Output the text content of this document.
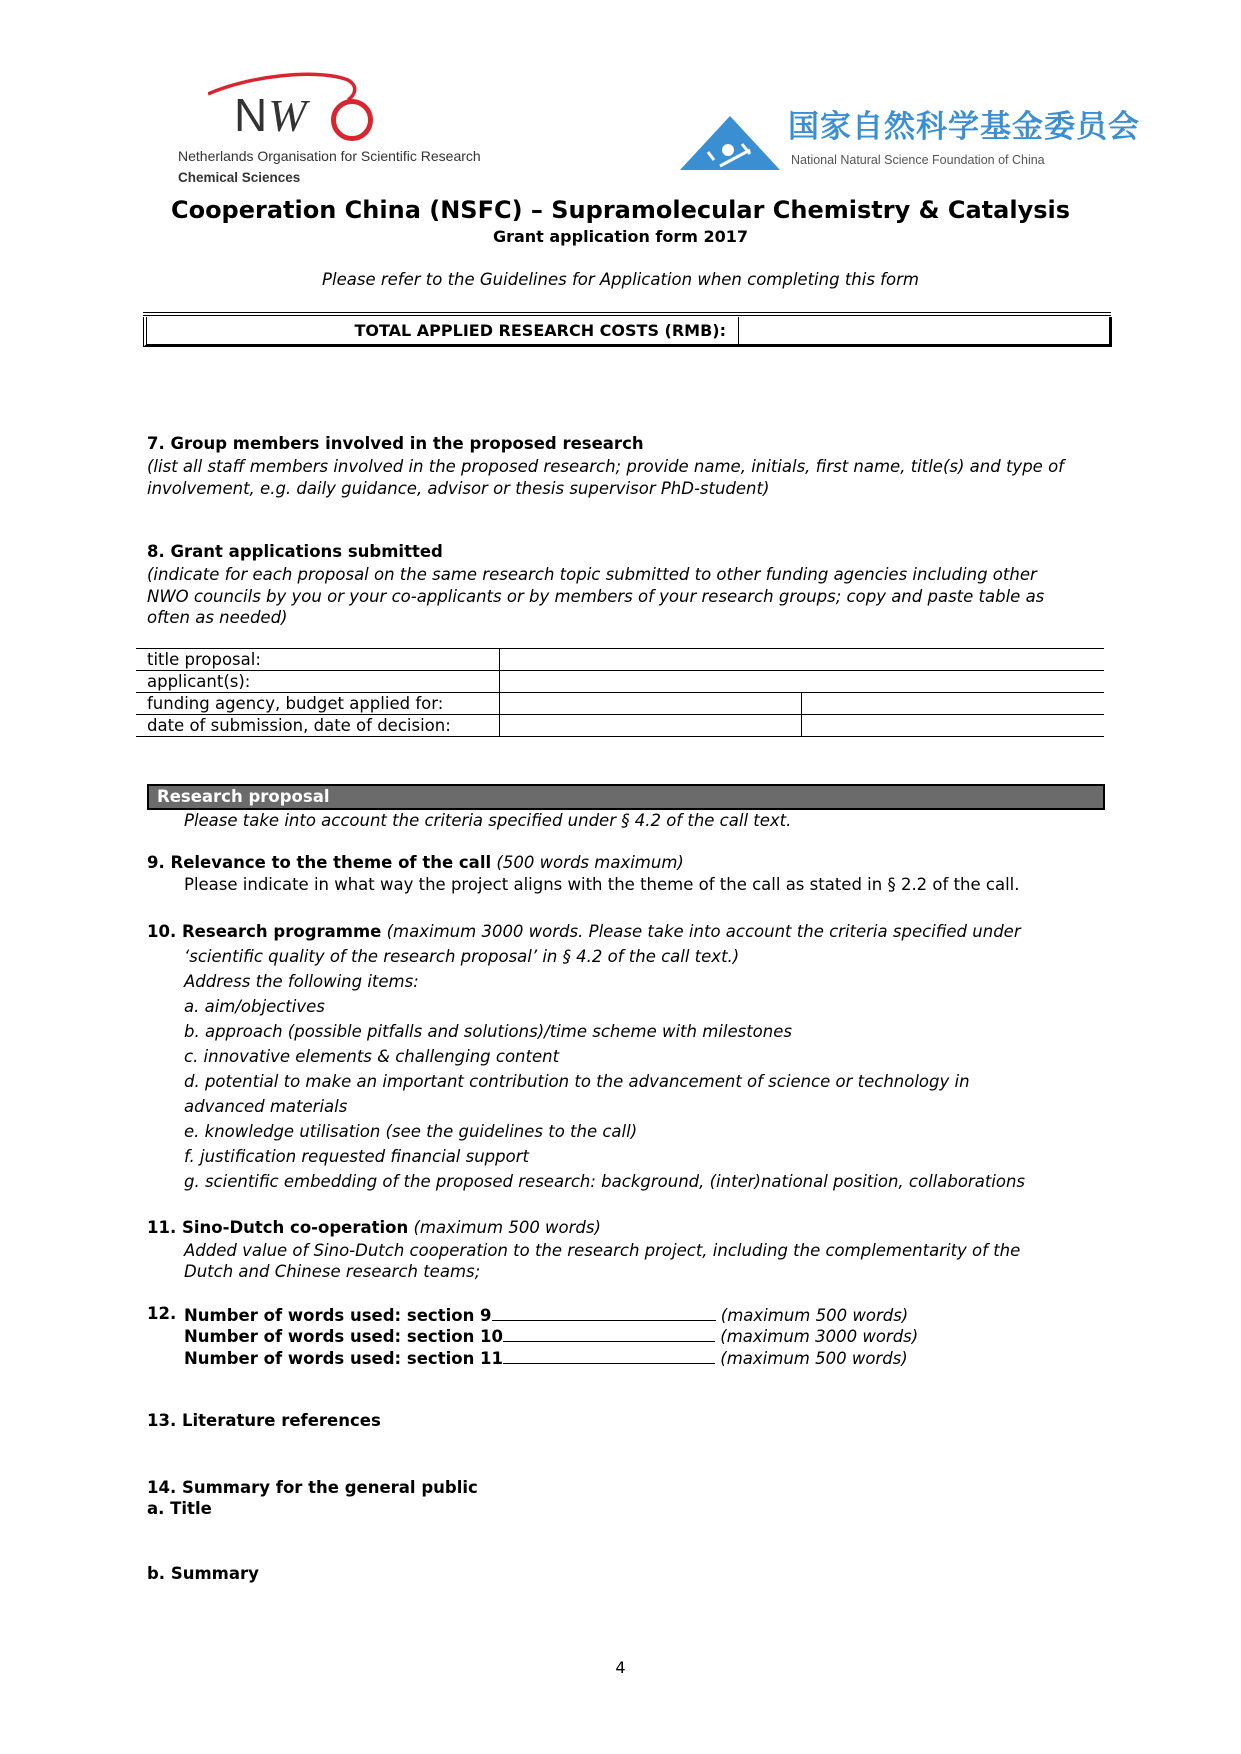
NW
Netherlands Organisation for Scientific Research
Chemical Sciences
国家自然科学基金委员会
National Natural Science Foundation of China
Cooperation China (NSFC) – Supramolecular Chemistry & Catalysis
Grant application form 2017
Please refer to the Guidelines for Application when completing this form
TOTAL APPLIED RESEARCH COSTS (RMB):
7. Group members involved in the proposed research
(list all staff members involved in the proposed research; provide name, initials, first name, title(s) and type of involvement, e.g. daily guidance, advisor or thesis supervisor PhD-student)
8. Grant applications submitted
(indicate for each proposal on the same research topic submitted to other funding agencies including other NWO councils by you or your co-applicants or by members of your research groups; copy and paste table as often as needed)
title proposal:		
applicant(s):		
funding agency, budget applied for:		
date of submission, date of decision:		
Research proposal
Please take into account the criteria specified under § 4.2 of the call text.
9. Relevance to the theme of the call (500 words maximum)
Please indicate in what way the project aligns with the theme of the call as stated in § 2.2 of the call.
10. Research programme (maximum 3000 words. Please take into account the criteria specified under
‘scientific quality of the research proposal’ in § 4.2 of the call text.)
Address the following items:
a. aim/objectives
b. approach (possible pitfalls and solutions)/time scheme with milestones
c. innovative elements & challenging content
d. potential to make an important contribution to the advancement of science or technology in
advanced materials
e. knowledge utilisation (see the guidelines to the call)
f. justification requested financial support
g. scientific embedding of the proposed research: background, (inter)national position, collaborations
11. Sino-Dutch co-operation (maximum 500 words)
Added value of Sino-Dutch cooperation to the research project, including the complementarity of the
Dutch and Chinese research teams;
12. Number of words used: section 9	(maximum 500 words)
Number of words used: section 10	(maximum 3000 words)
Number of words used: section 11	(maximum 500 words)
13. Literature references
14. Summary for the general public
a. Title
b. Summary
4
